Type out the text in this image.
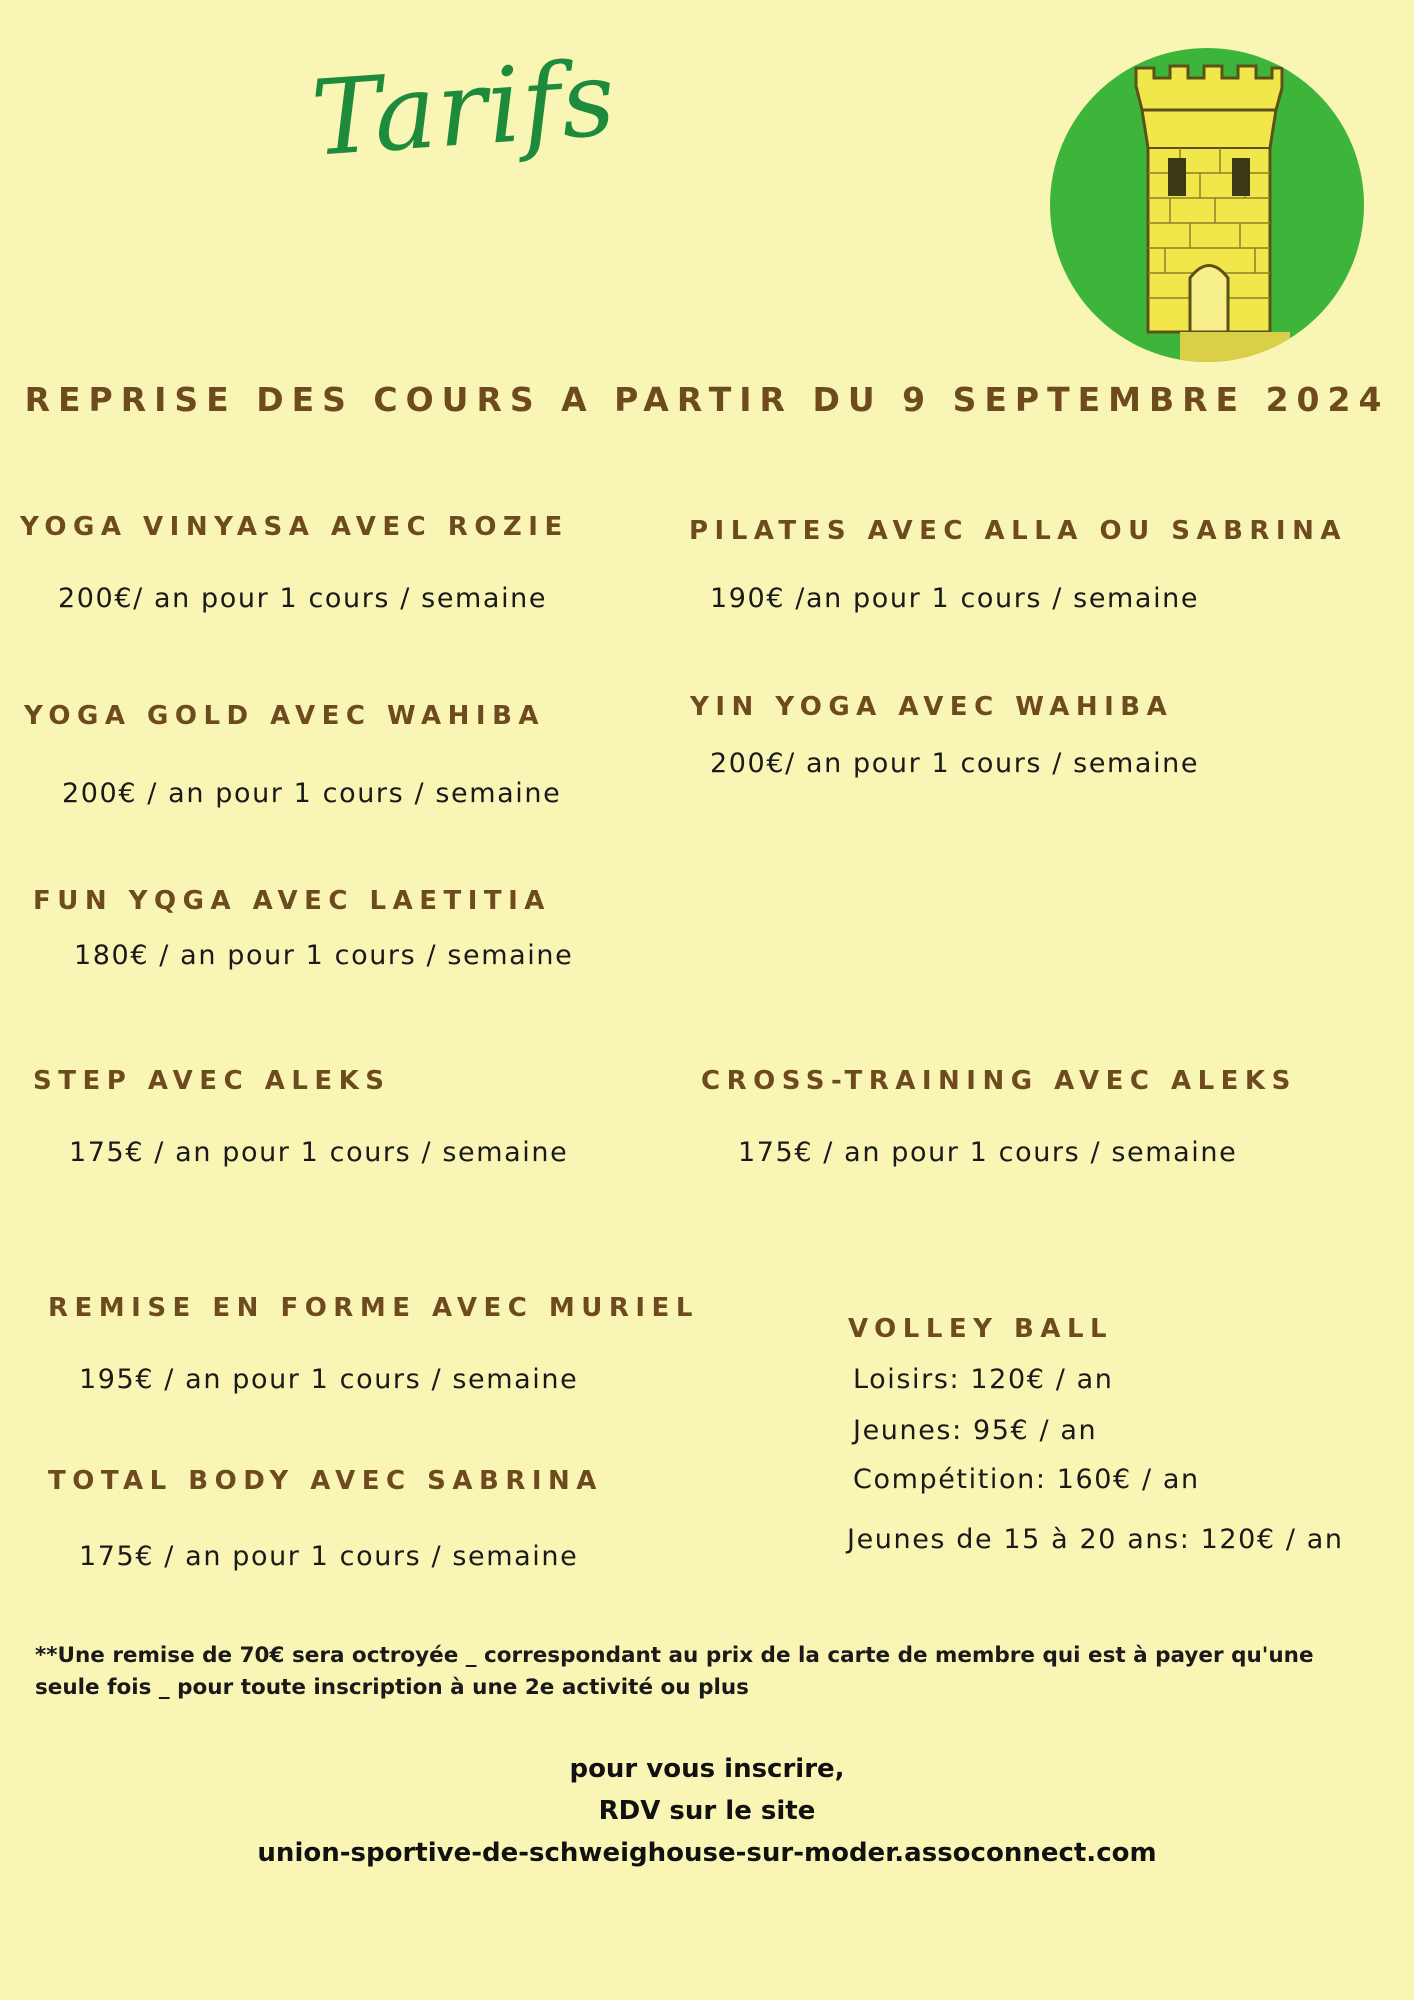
Tarifs
REPRISE DES COURS A PARTIR DU 9 SEPTEMBRE 2024
YOGA VINYASA AVEC ROZIE
200€/ an pour 1 cours / semaine
YOGA GOLD AVEC WAHIBA
200€ / an pour 1 cours / semaine
FUN YQGA AVEC LAETITIA
180€ / an pour 1 cours / semaine
STEP AVEC ALEKS
175€ / an pour 1 cours / semaine
REMISE EN FORME AVEC MURIEL
195€ / an pour 1 cours / semaine
TOTAL BODY AVEC SABRINA
175€ / an pour 1 cours / semaine
PILATES AVEC ALLA OU SABRINA
190€ /an pour 1 cours / semaine
YIN YOGA AVEC WAHIBA
200€/ an pour 1 cours / semaine
CROSS-TRAINING AVEC ALEKS
175€ / an pour 1 cours / semaine
VOLLEY BALL
Loisirs: 120€ / an
Jeunes: 95€ / an
Compétition: 160€ / an
Jeunes de 15 à 20 ans: 120€ / an
**Une remise de 70€ sera octroyée _ correspondant au prix de la carte de membre qui est à payer qu'une seule fois _ pour toute inscription à une 2e activité ou plus
pour vous inscrire,
RDV sur le site
union-sportive-de-schweighouse-sur-moder.assoconnect.com
